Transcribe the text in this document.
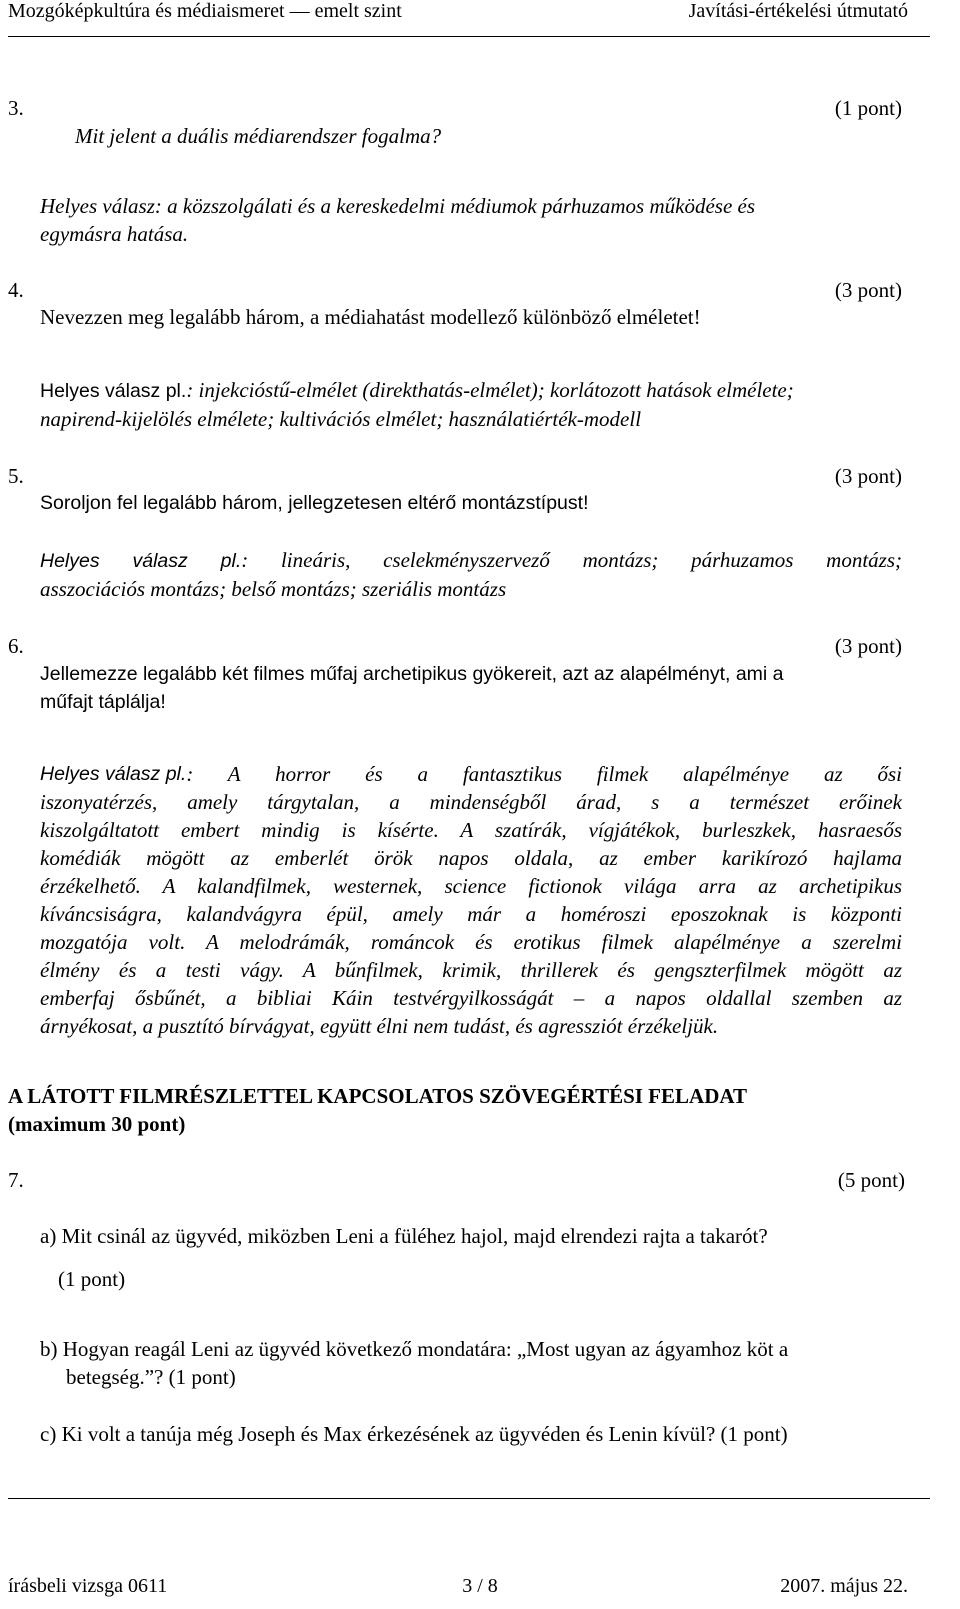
Mozgóképkultúra és médiaismeret — emelt szint	Javítási-értékelési útmutató
3.	(1 pont)
Mit jelent a duális médiarendszer fogalma?
Helyes válasz: a közszolgálati és a kereskedelmi médiumok párhuzamos működése és
egymásra hatása.
4.	(3 pont)
Nevezzen meg legalább három, a médiahatást modellező különböző elméletet!
Helyes válasz pl.: injekcióstű-elmélet (direkthatás-elmélet); korlátozott hatások elmélete;
napirend-kijelölés elmélete; kultivációs elmélet; használatiérték-modell
5.	(3 pont)
Soroljon fel legalább három, jellegzetesen eltérő montázstípust!
Helyes válasz pl.: lineáris, cselekményszervező montázs; párhuzamos montázs;
asszociációs montázs; belső montázs; szeriális montázs
6.	(3 pont)
Jellemezze legalább két filmes műfaj archetipikus gyökereit, azt az alapélményt, ami a
műfajt táplálja!
Helyes válasz pl. : A horror és a fantasztikus filmek alapélménye az ősi
iszonyatérzés, amely tárgytalan, a mindenségből árad, s a természet erőinek
kiszolgáltatott embert mindig is kísérte. A szatírák, vígjátékok, burleszkek, hasraesős
komédiák mögött az emberlét örök napos oldala, az ember karikírozó hajlama
érzékelhető. A kalandfilmek, westernek, science fictionok világa arra az archetipikus
kíváncsiságra, kalandvágyra épül, amely már a homéroszi eposzoknak is központi
mozgatója volt. A melodrámák, románcok és erotikus filmek alapélménye a szerelmi
élmény és a testi vágy. A bűnfilmek, krimik, thrillerek és gengszterfilmek mögött az
emberfaj ősbűnét, a bibliai Káin testvérgyilkosságát – a napos oldallal szemben az
árnyékosat, a pusztító bírvágyat, együtt élni nem tudást, és agressziót érzékeljük.
A LÁTOTT FILMRÉSZLETTEL KAPCSOLATOS SZÖVEGÉRTÉSI FELADAT
(maximum 30 pont)
7.	(5 pont)
a) Mit csinál az ügyvéd, miközben Leni a füléhez hajol, majd elrendezi rajta a takarót?
(1 pont)
b) Hogyan reagál Leni az ügyvéd következő mondatára: „Most ugyan az ágyamhoz köt a
betegség.”? (1 pont)
c) Ki volt a tanúja még Joseph és Max érkezésének az ügyvéden és Lenin kívül? (1 pont)
írásbeli vizsga 0611	3 / 8	2007. május 22.
